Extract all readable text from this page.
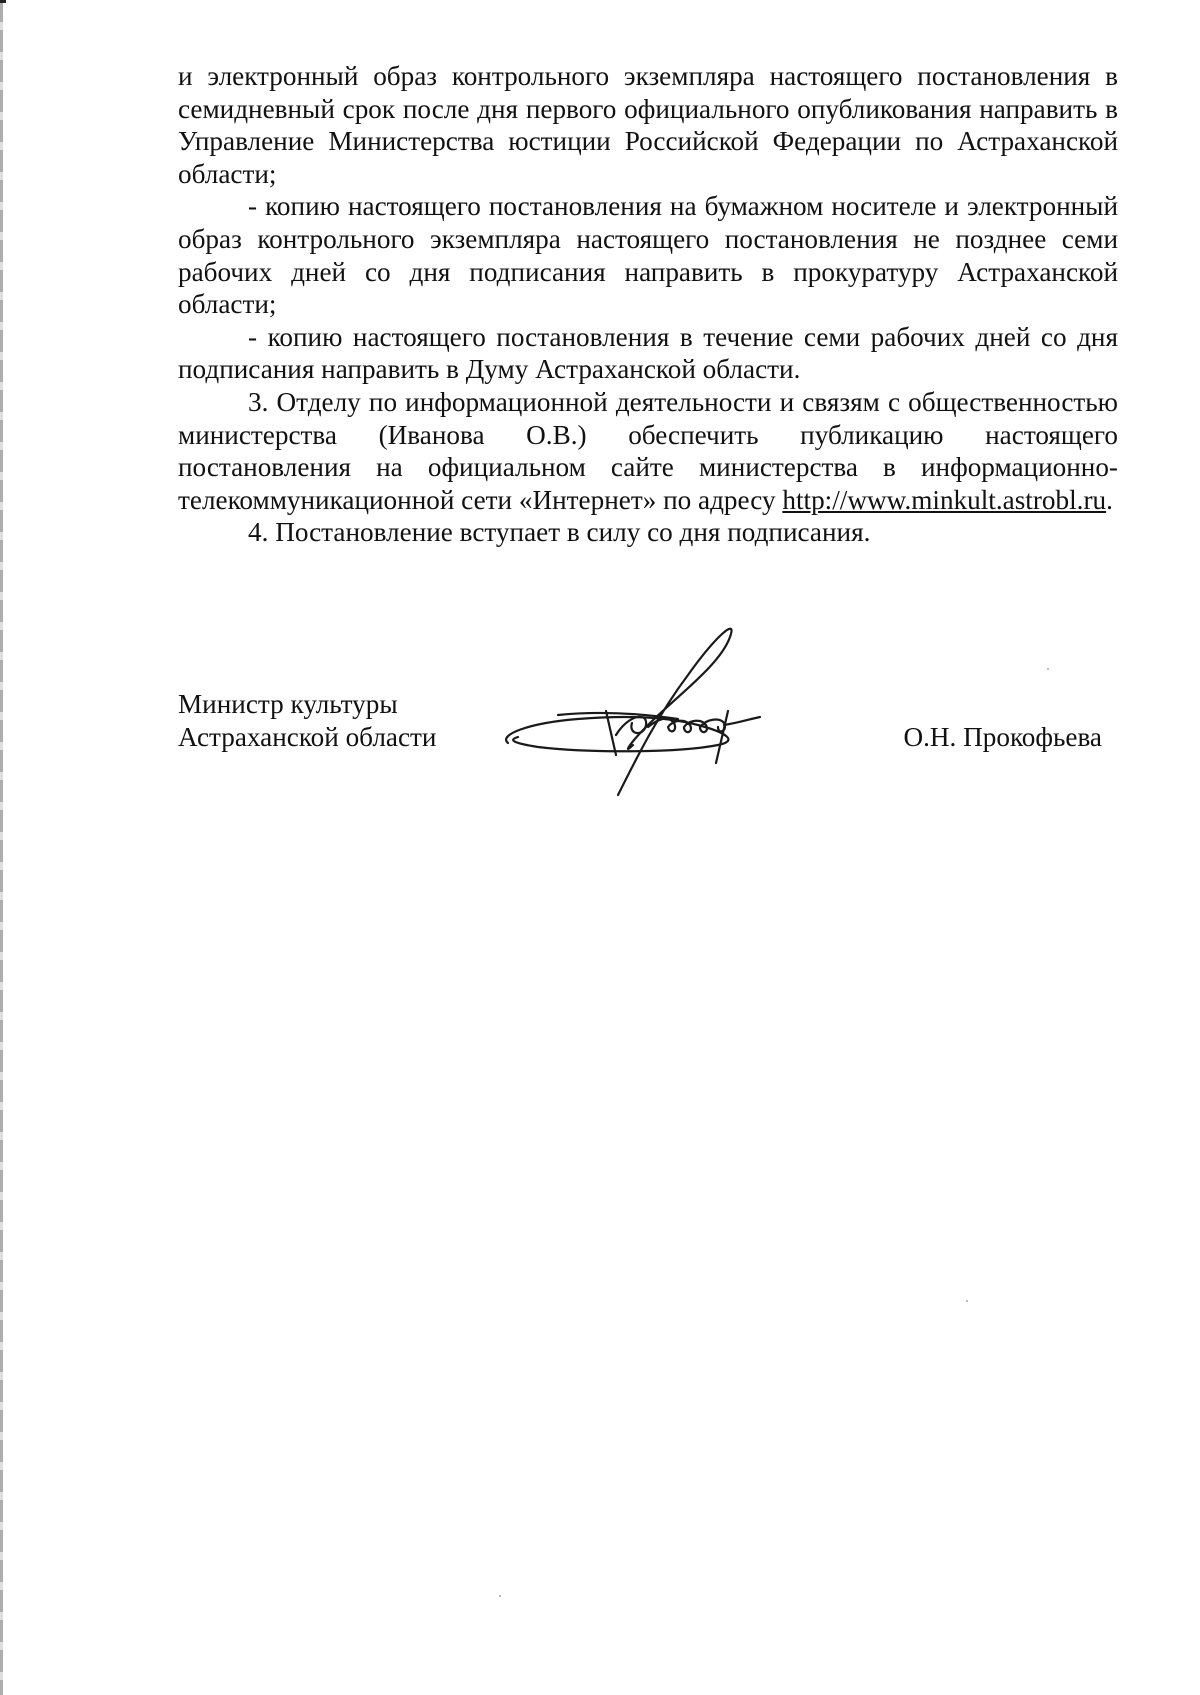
и электронный образ контрольного экземпляра настоящего постановления в семидневный срок после дня первого официального опубликования направить в Управление Министерства юстиции Российской Федерации по Астраханской области;

- копию настоящего постановления на бумажном носителе и электронный образ контрольного экземпляра настоящего постановления не позднее семи рабочих дней со дня подписания направить в прокуратуру Астраханской области;

- копию настоящего постановления в течение семи рабочих дней со дня подписания направить в Думу Астраханской области.

3. Отделу по информационной деятельности и связям с общественностью министерства (Иванова О.В.) обеспечить публикацию настоящего постановления на официальном сайте министерства в информационно-телекоммуникационной сети «Интернет» по адресу http://www.minkult.astrobl.ru.

4. Постановление вступает в силу со дня подписания.

Министр культуры
Астраханской области	О.Н. Прокофьева
